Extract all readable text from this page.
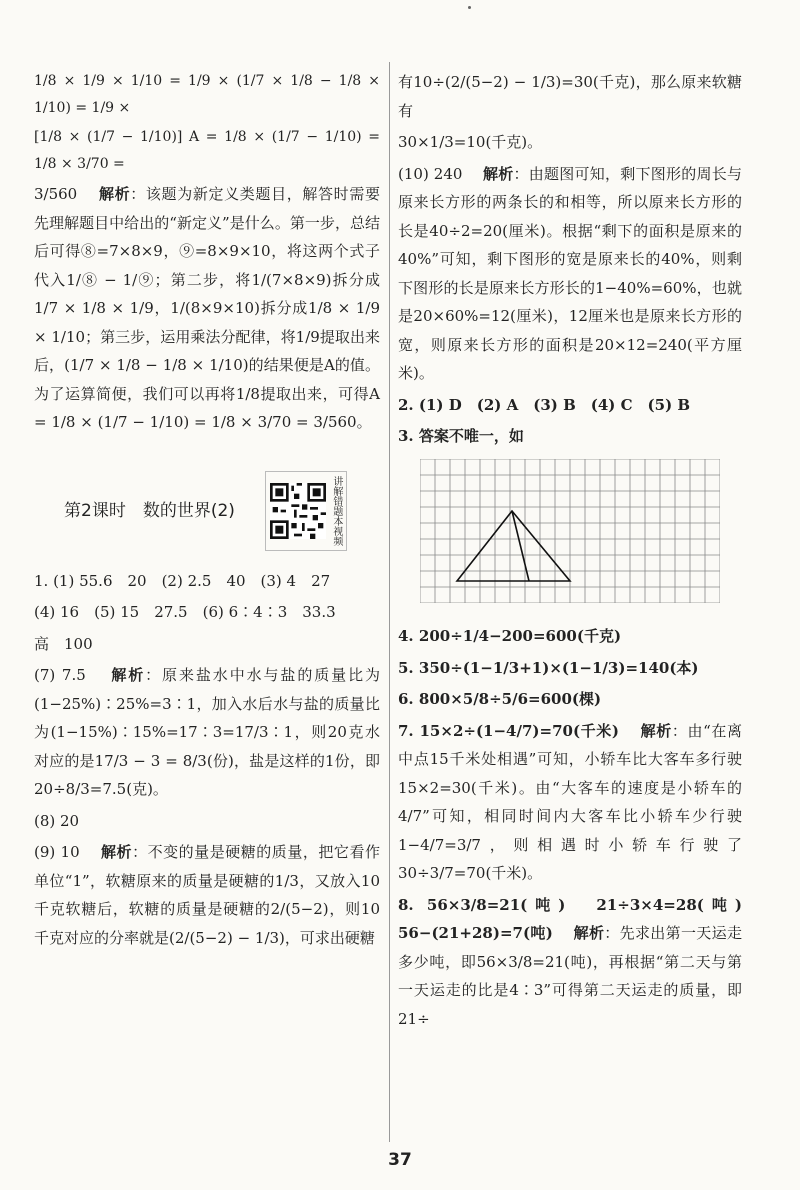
1/8 × 1/9 × 1/10 = 1/9 × (1/7 × 1/8 − 1/8 × 1/10) = 1/9 ×

[1/8 × (1/7 − 1/10)] A = 1/8 × (1/7 − 1/10) = 1/8 × 3/70 =

3/560　 解析：该题为新定义类题目，解答时需要先理解题目中给出的“新定义”是什么。第一步，总结后可得⑧=7×8×9，⑨=8×9×10，将这两个式子代入1/⑧ − 1/⑨；第二步，将1/(7×8×9)拆分成1/7 × 1/8 × 1/9，1/(8×9×10)拆分成1/8 × 1/9 × 1/10；第三步，运用乘法分配律，将1/9提取出来后，(1/7 × 1/8 − 1/8 × 1/10)的结果便是A的值。为了运算简便，我们可以再将1/8提取出来，可得A = 1/8 × (1/7 − 1/10) = 1/8 × 3/70 = 3/560。

第2课时　数的世界(2)	讲解错题本视频

1. (1) 55.6　20　(2) 2.5　40　(3) 4　27

(4) 16　(5) 15　27.5　(6) 6∶4∶3　33.3

高　100

(7) 7.5　 解析：原来盐水中水与盐的质量比为(1−25%)∶25%=3∶1，加入水后水与盐的质量比为(1−15%)∶15%=17∶3=17/3∶1，则20克水对应的是17/3 − 3 = 8/3(份)，盐是这样的1份，即20÷8/3=7.5(克)。

(8) 20

(9) 10　 解析：不变的量是硬糖的质量，把它看作单位“1”，软糖原来的质量是硬糖的1/3，又放入10千克软糖后，软糖的质量是硬糖的2/(5−2)，则10千克对应的分率就是(2/(5−2) − 1/3)，可求出硬糖

有10÷(2/(5−2) − 1/3)=30(千克)，那么原来软糖有

30×1/3=10(千克)。

(10) 240　 解析：由题图可知，剩下图形的周长与原来长方形的两条长的和相等，所以原来长方形的长是40÷2=20(厘米)。根据“剩下的面积是原来的40%”可知，剩下图形的宽是原来长的40%，则剩下图形的长是原来长方形长的1−40%=60%，也就是20×60%=12(厘米)，12厘米也是原来长方形的宽，则原来长方形的面积是20×12=240(平方厘米)。

2. (1) D　(2) A　(3) B　(4) C　(5) B

3. 答案不唯一，如

4. 200÷1/4−200=600(千克)

5. 350÷(1−1/3+1)×(1−1/3)=140(本)

6. 800×5/8÷5/6=600(棵)

7. 15×2÷(1−4/7)=70(千米)　 解析：由“在离中点15千米处相遇”可知，小轿车比大客车多行驶15×2=30(千米)。由“大客车的速度是小轿车的4/7”可知，相同时间内大客车比小轿车少行驶1−4/7=3/7，则相遇时小轿车行驶了30÷3/7=70(千米)。

8. 56×3/8=21(吨)　21÷3×4=28(吨)　56−(21+28)=7(吨)　 解析：先求出第一天运走多少吨，即56×3/8=21(吨)，再根据“第二天与第一天运走的比是4∶3”可得第二天运走的质量，即21÷

37
